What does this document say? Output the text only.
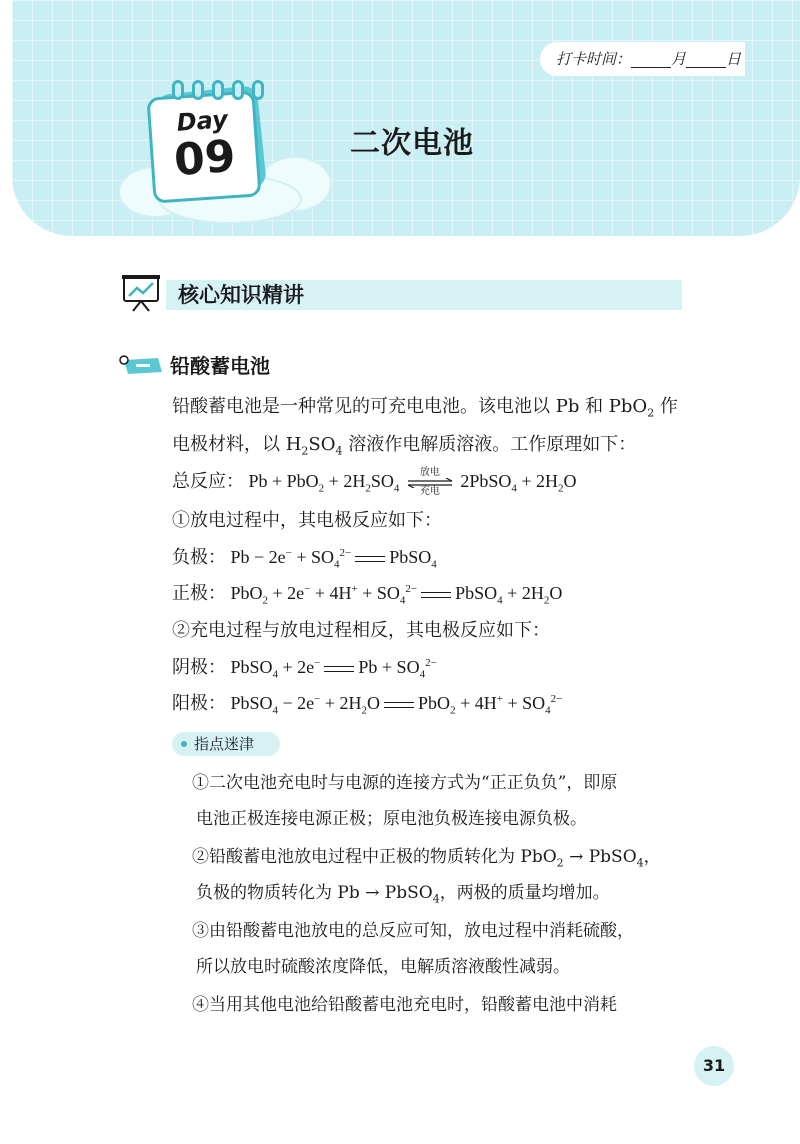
打卡时间：	月	日
Day
09	二次电池
核心知识精讲
铅酸蓄电池
铅酸蓄电池是一种常见的可充电电池。该电池以 Pb 和 PbO$_2$ 作
电极材料，以 $H_2SO_4$ 溶液作电解质溶液。工作原理如下：
总反应： $Pb + PbO_2 + 2H_2SO_4$
放电
充电
2PbSO$_4$ + $2H_2O$
①放电过程中，其电极反应如下：
负极： $Pb - 2e^- + SO_4^{2-}$ PbSO$_4$
正极： $PbO_2 + 2e^- + 4H^+ + SO_4^{2-}$ PbSO$_4$ + $2H_2O$
②充电过程与放电过程相反，其电极反应如下：
阴极： PbSO$_4$ + 2e− $Pb + SO_4^{2-}$
阳极： PbSO$_4$ − $2e^- + 2H_2O$ $PbO_2 + 4H^+ + SO_4^{2-}$
指点迷津
①二次电池充电时与电源的连接方式为“正正负负”，即原
电池正极连接电源正极；原电池负极连接电源负极。
②铅酸蓄电池放电过程中正极的物质转化为 PbO$_2$ → PbSO$_4$，
负极的物质转化为 Pb → PbSO$_4$，两极的质量均增加。
③由铅酸蓄电池放电的总反应可知，放电过程中消耗硫酸，
所以放电时硫酸浓度降低，电解质溶液酸性减弱。
④当用其他电池给铅酸蓄电池充电时，铅酸蓄电池中消耗
31
